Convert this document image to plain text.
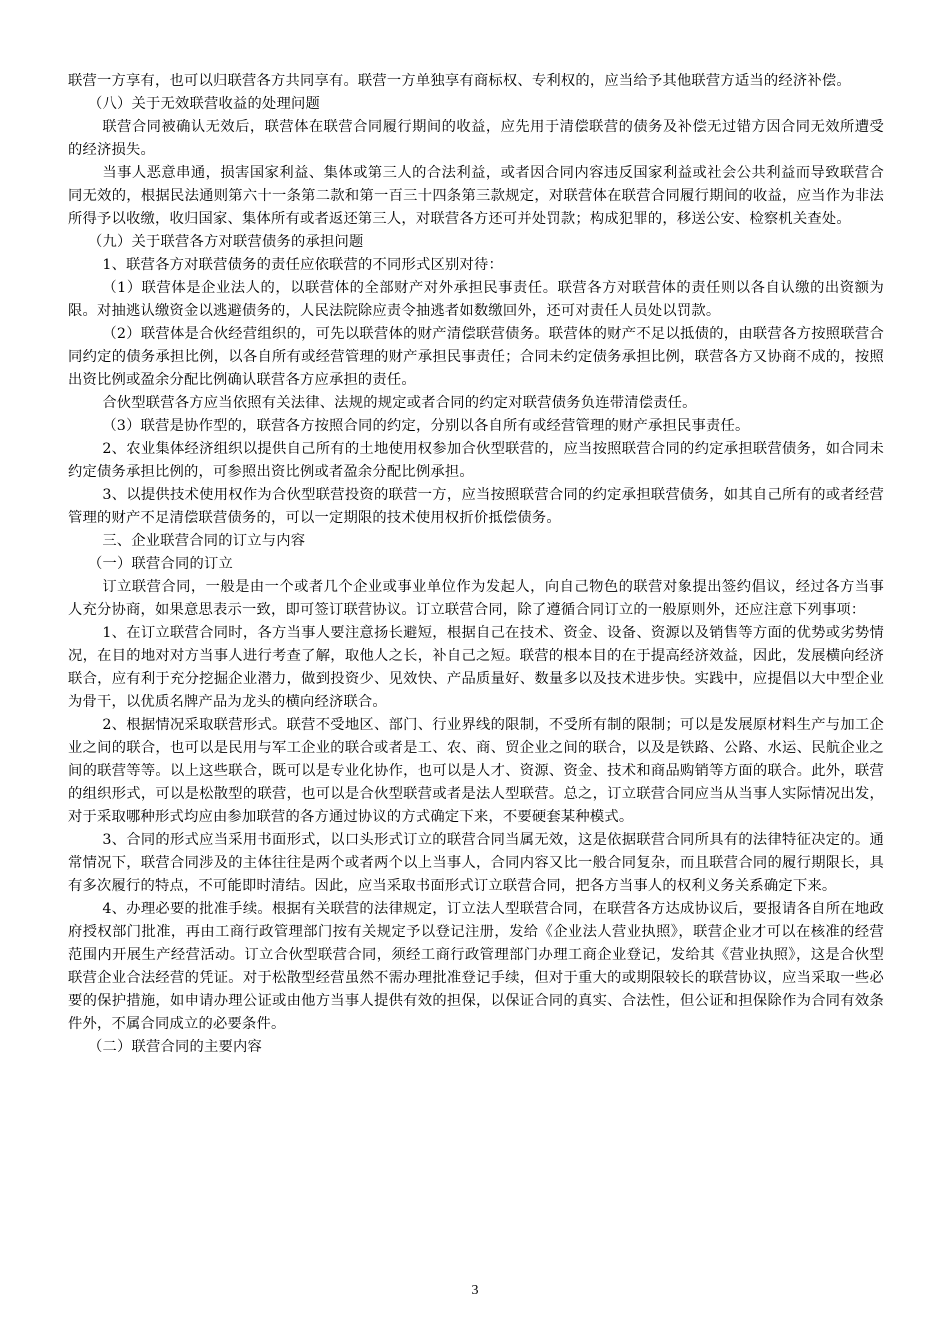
联营一方享有，也可以归联营各方共同享有。联营一方单独享有商标权、专利权的，应当给予其他联营方适当的经济补偿。

（八）关于无效联营收益的处理问题

联营合同被确认无效后，联营体在联营合同履行期间的收益，应先用于清偿联营的债务及补偿无过错方因合同无效所遭受的经济损失。

当事人恶意串通，损害国家利益、集体或第三人的合法利益，或者因合同内容违反国家利益或社会公共利益而导致联营合同无效的，根据民法通则第六十一条第二款和第一百三十四条第三款规定，对联营体在联营合同履行期间的收益，应当作为非法所得予以收缴，收归国家、集体所有或者返还第三人，对联营各方还可并处罚款；构成犯罪的，移送公安、检察机关查处。

（九）关于联营各方对联营债务的承担问题

1、联营各方对联营债务的责任应依联营的不同形式区别对待：

（1）联营体是企业法人的，以联营体的全部财产对外承担民事责任。联营各方对联营体的责任则以各自认缴的出资额为限。对抽逃认缴资金以逃避债务的，人民法院除应责令抽逃者如数缴回外，还可对责任人员处以罚款。

（2）联营体是合伙经营组织的，可先以联营体的财产清偿联营债务。联营体的财产不足以抵债的，由联营各方按照联营合同约定的债务承担比例，以各自所有或经营管理的财产承担民事责任；合同未约定债务承担比例，联营各方又协商不成的，按照出资比例或盈余分配比例确认联营各方应承担的责任。

合伙型联营各方应当依照有关法律、法规的规定或者合同的约定对联营债务负连带清偿责任。

（3）联营是协作型的，联营各方按照合同的约定，分别以各自所有或经营管理的财产承担民事责任。

2、农业集体经济组织以提供自己所有的土地使用权参加合伙型联营的，应当按照联营合同的约定承担联营债务，如合同未约定债务承担比例的，可参照出资比例或者盈余分配比例承担。

3、以提供技术使用权作为合伙型联营投资的联营一方，应当按照联营合同的约定承担联营债务，如其自己所有的或者经营管理的财产不足清偿联营债务的，可以一定期限的技术使用权折价抵偿债务。

三、企业联营合同的订立与内容

（一）联营合同的订立

订立联营合同，一般是由一个或者几个企业或事业单位作为发起人，向自己物色的联营对象提出签约倡议，经过各方当事人充分协商，如果意思表示一致，即可签订联营协议。订立联营合同，除了遵循合同订立的一般原则外，还应注意下列事项：

1、在订立联营合同时，各方当事人要注意扬长避短，根据自己在技术、资金、设备、资源以及销售等方面的优势或劣势情况，在目的地对对方当事人进行考查了解，取他人之长，补自己之短。联营的根本目的在于提高经济效益，因此，发展横向经济联合，应有利于充分挖掘企业潜力，做到投资少、见效快、产品质量好、数量多以及技术进步快。实践中，应提倡以大中型企业为骨干，以优质名牌产品为龙头的横向经济联合。

2、根据情况采取联营形式。联营不受地区、部门、行业界线的限制，不受所有制的限制；可以是发展原材料生产与加工企业之间的联合，也可以是民用与军工企业的联合或者是工、农、商、贸企业之间的联合，以及是铁路、公路、水运、民航企业之间的联营等等。以上这些联合，既可以是专业化协作，也可以是人才、资源、资金、技术和商品购销等方面的联合。此外，联营的组织形式，可以是松散型的联营，也可以是合伙型联营或者是法人型联营。总之，订立联营合同应当从当事人实际情况出发，对于采取哪种形式均应由参加联营的各方通过协议的方式确定下来，不要硬套某种模式。

3、合同的形式应当采用书面形式，以口头形式订立的联营合同当属无效，这是依据联营合同所具有的法律特征决定的。通常情况下，联营合同涉及的主体往往是两个或者两个以上当事人，合同内容又比一般合同复杂，而且联营合同的履行期限长，具有多次履行的特点，不可能即时清结。因此，应当采取书面形式订立联营合同，把各方当事人的权利义务关系确定下来。

4、办理必要的批准手续。根据有关联营的法律规定，订立法人型联营合同，在联营各方达成协议后，要报请各自所在地政府授权部门批准，再由工商行政管理部门按有关规定予以登记注册，发给《企业法人营业执照》，联营企业才可以在核准的经营范围内开展生产经营活动。订立合伙型联营合同，须经工商行政管理部门办理工商企业登记，发给其《营业执照》，这是合伙型联营企业合法经营的凭证。对于松散型经营虽然不需办理批准登记手续，但对于重大的或期限较长的联营协议，应当采取一些必要的保护措施，如申请办理公证或由他方当事人提供有效的担保，以保证合同的真实、合法性，但公证和担保除作为合同有效条件外，不属合同成立的必要条件。

（二）联营合同的主要内容

3
